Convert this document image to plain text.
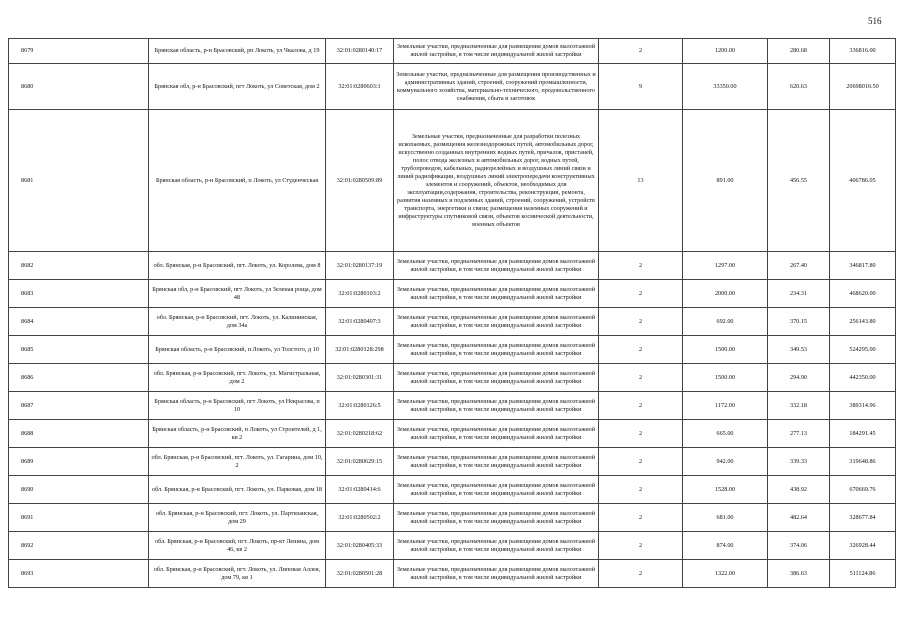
516
8679	Брянская область, р-н Брасовский, рп Локоть, ул Чкалова, д 19	32:01:0280140:17	Земельные участки, предназначенные для размещения домов малоэтажной жилой застройки, в том числе индивидуальной жилой застройки	2	1200.00	280.68	336816.00
8680	Брянская обл, р-н Брасовский, пгт Локоть, ул Советская, дом 2	32:01:0280603:1	Земельные участки, предназначенные для размещения производственных и административных зданий, строений, сооружений промышленности, коммунального хозяйства, материально-технического, продовольственного снабжения, сбыта и заготовок	9	33350.00	620.63	20698010.50
8681	Брянская область, р-н Брасовский, п Локоть, ул Студенческая	32:01:0280509:89	Земельные участки, предназначенные для разработки полезных ископаемых, размещения железнодорожных путей, автомобильных дорог, искусственно созданных внутренних водных путей, причалов, пристаней, полос отвода железных и автомобильных дорог, водных путей, трубопроводов, кабельных, радиорелейных и воздушных линий связи и линий радиофикации, воздушных линий электропередачи конструктивных элементов и сооружений, объектов, необходимых для эксплуатации,содержания, строительства, реконструкции, ремонта, развития наземных и подземных зданий, строений, сооружений, устройств транспорта, энергетики и связи; размещения наземных сооружений и инфраструктуры спутниковой связи, объектов космической деятельности, военных объектов	13	891.00	456.55	406786.05
8682	обл. Брянская, р-н Брасовский, пгт. Локоть, ул. Королева, дом 8	32:01:0280137:19	Земельные участки, предназначенные для размещения домов малоэтажной жилой застройки, в том числе индивидуальной жилой застройки	2	1297.00	267.40	346817.80
8683	Брянская обл, р-н Брасовский, пгт Локоть, ул Зеленая роща, дом 48	32:01:0280103:2	Земельные участки, предназначенные для размещения домов малоэтажной жилой застройки, в том числе индивидуальной жилой застройки	2	2000.00	234.31	468620.00
8684	обл. Брянская, р-н Брасовский, пгт. Локоть, ул. Калининская, дом 34а	32:01:0280407:3	Земельные участки, предназначенные для размещения домов малоэтажной жилой застройки, в том числе индивидуальной жилой застройки	2	692.00	370.15	256143.80
8685	Брянская область, р-н Брасовский, п Локоть, ул Толстого, д 10	32:01:0280128:298	Земельные участки, предназначенные для размещения домов малоэтажной жилой застройки, в том числе индивидуальной жилой застройки	2	1500.00	349.53	524295.00
8686	обл. Брянская, р-н Брасовский, пгт. Локоть, ул. Магистральная, дом 2	32:01:0280301:31	Земельные участки, предназначенные для размещения домов малоэтажной жилой застройки, в том числе индивидуальной жилой застройки	2	1500.00	294.90	442350.00
8687	Брянская область, р-н Брасовский, пгт Локоть, ул Некрасова, п 10	32:01:0280126:5	Земельные участки, предназначенные для размещения домов малоэтажной жилой застройки, в том числе индивидуальной жилой застройки	2	1172.00	332.18	389314.96
8688	Брянская область, р-н Брасовский, п Локоть, ул Строителей, д 1, кв 2	32:01:0280218:62	Земельные участки, предназначенные для размещения домов малоэтажной жилой застройки, в том числе индивидуальной жилой застройки	2	665.00	277.13	184291.45
8689	обл. Брянская, р-н Брасовский, пгт. Локоть, ул. Гагарина, дом 10, 2	32:01:0280629:15	Земельные участки, предназначенные для размещения домов малоэтажной жилой застройки, в том числе индивидуальной жилой застройки	2	942.00	339.33	319648.86
8690	обл. Брянская, р-н Брасовский, пгт. Локоть, ул. Парковая, дом 18	32:01:0280414:6	Земельные участки, предназначенные для размещения домов малоэтажной жилой застройки, в том числе индивидуальной жилой застройки	2	1528.00	438.92	670669.76
8691	обл. Брянская, р-н Брасовский, пгт. Локоть, ул. Партизанская, дом 29	32:01:0280502:2	Земельные участки, предназначенные для размещения домов малоэтажной жилой застройки, в том числе индивидуальной жилой застройки	2	681.00	482.64	328677.84
8692	обл. Брянская, р-н Брасовский, пгт. Локоть, пр-кт Ленина, дом 46, кв 2	32:01:0280405:33	Земельные участки, предназначенные для размещения домов малоэтажной жилой застройки, в том числе индивидуальной жилой застройки	2	874.00	374.06	326928.44
8693	обл. Брянская, р-н Брасовский, пгт. Локоть, ул. Липовая Аллея, дом 79, кв 1	32:01:0280501:28	Земельные участки, предназначенные для размещения домов малоэтажной жилой застройки, в том числе индивидуальной жилой застройки	2	1322.00	386.63	511124.86
